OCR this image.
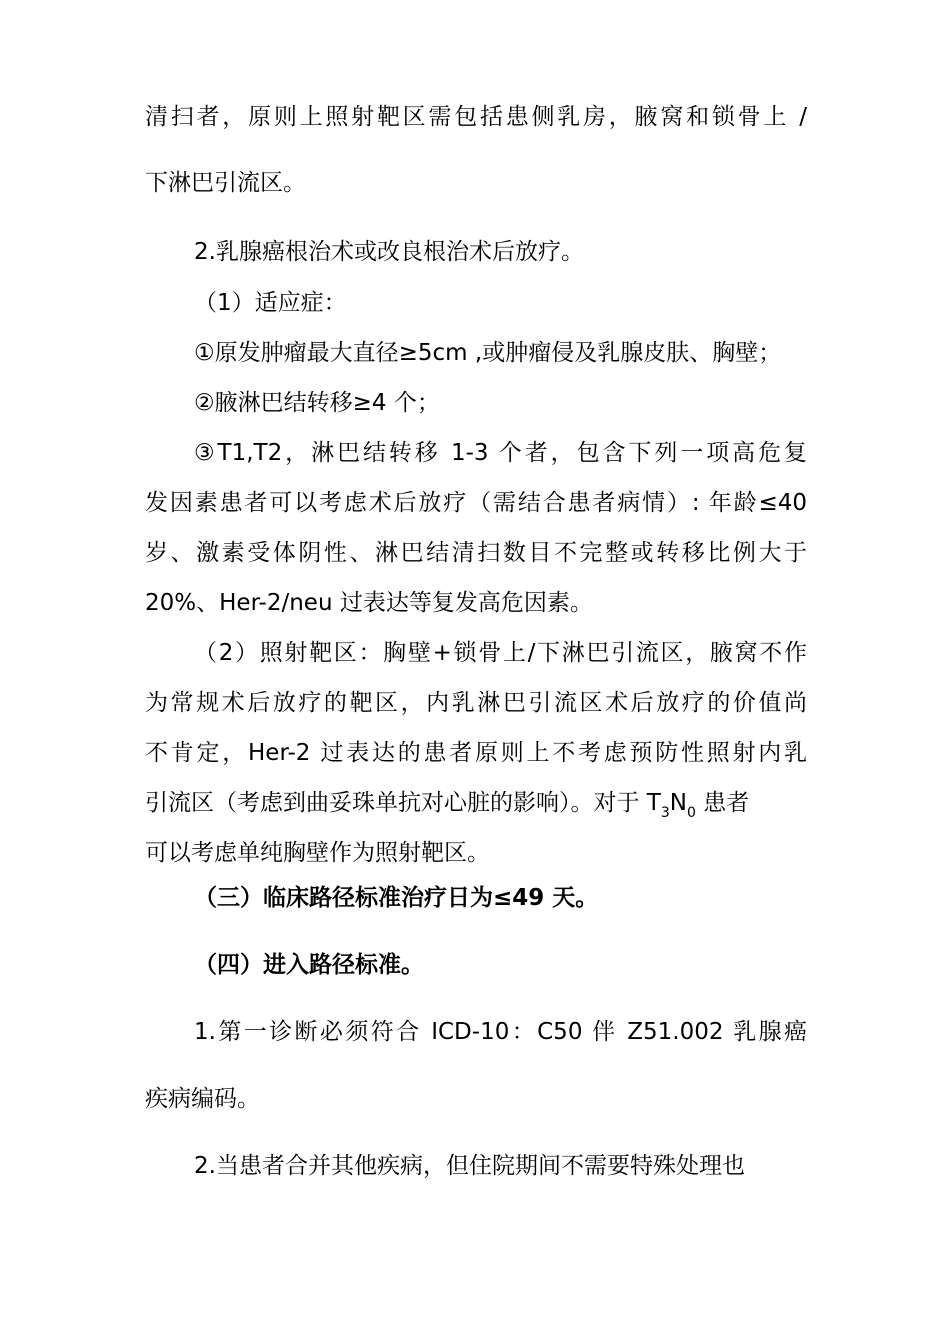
清扫者，原则上照射靶区需包括患侧乳房，腋窝和锁骨上 /
下淋巴引流区。
2.乳腺癌根治术或改良根治术后放疗。
（1）适应症：
①原发肿瘤最大直径≥5cm ,或肿瘤侵及乳腺皮肤、胸壁；
②腋淋巴结转移≥4 个；
③T1,T2，淋巴结转移 1-3 个者，包含下列一项高危复
发因素患者可以考虑术后放疗（需结合患者病情）: 年龄≤40
岁、激素受体阴性、淋巴结清扫数目不完整或转移比例大于
20%、Her-2/neu 过表达等复发高危因素。
（2）照射靶区：胸壁+锁骨上/下淋巴引流区，腋窝不作
为常规术后放疗的靶区，内乳淋巴引流区术后放疗的价值尚
不肯定，Her-2 过表达的患者原则上不考虑预防性照射内乳
引流区（考虑到曲妥珠单抗对心脏的影响）。对于 $T_3N_0$ 患者
可以考虑单纯胸壁作为照射靶区。
（三）临床路径标准治疗日为≤49 天。
（四）进入路径标准。
1.第一诊断必须符合 ICD-10：C50 伴 Z51.002 乳腺癌
疾病编码。
2.当患者合并其他疾病，但住院期间不需要特殊处理也
